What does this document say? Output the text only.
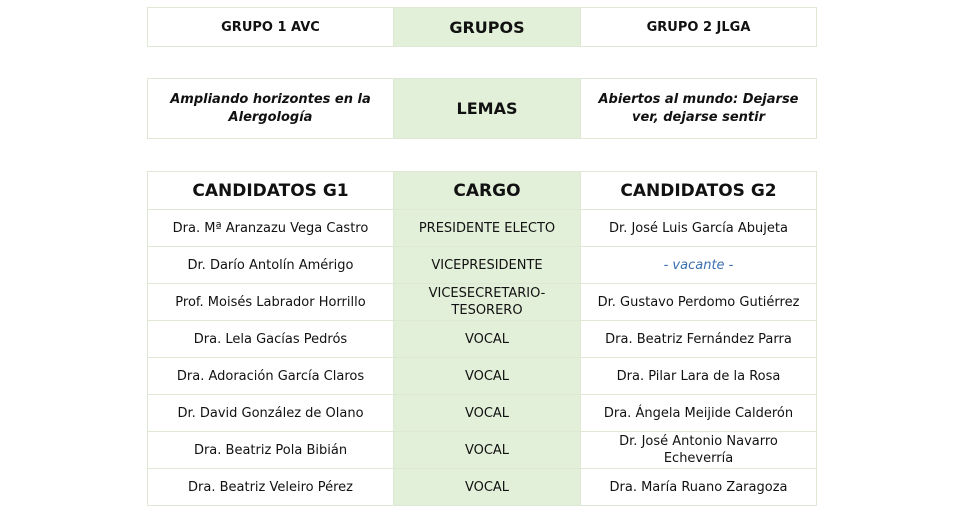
GRUPO 1 AVC	GRUPOS	GRUPO 2 JLGA
Ampliando horizontes en la Alergología	LEMAS	Abiertos al mundo: Dejarse ver, dejarse sentir
CANDIDATOS G1	CARGO	CANDIDATOS G2
Dra. Mª Aranzazu Vega Castro	PRESIDENTE ELECTO	Dr. José Luis García Abujeta
Dr. Darío Antolín Amérigo	VICEPRESIDENTE	- vacante -
Prof. Moisés Labrador Horrillo	VICESECRETARIO-TESORERO	Dr. Gustavo Perdomo Gutiérrez
Dra. Lela Gacías Pedrós	VOCAL	Dra. Beatriz Fernández Parra
Dra. Adoración García Claros	VOCAL	Dra. Pilar Lara de la Rosa
Dr. David González de Olano	VOCAL	Dra. Ángela Meijide Calderón
Dra. Beatriz Pola Bibián	VOCAL	Dr. José Antonio Navarro Echeverría
Dra. Beatriz Veleiro Pérez	VOCAL	Dra. María Ruano Zaragoza
